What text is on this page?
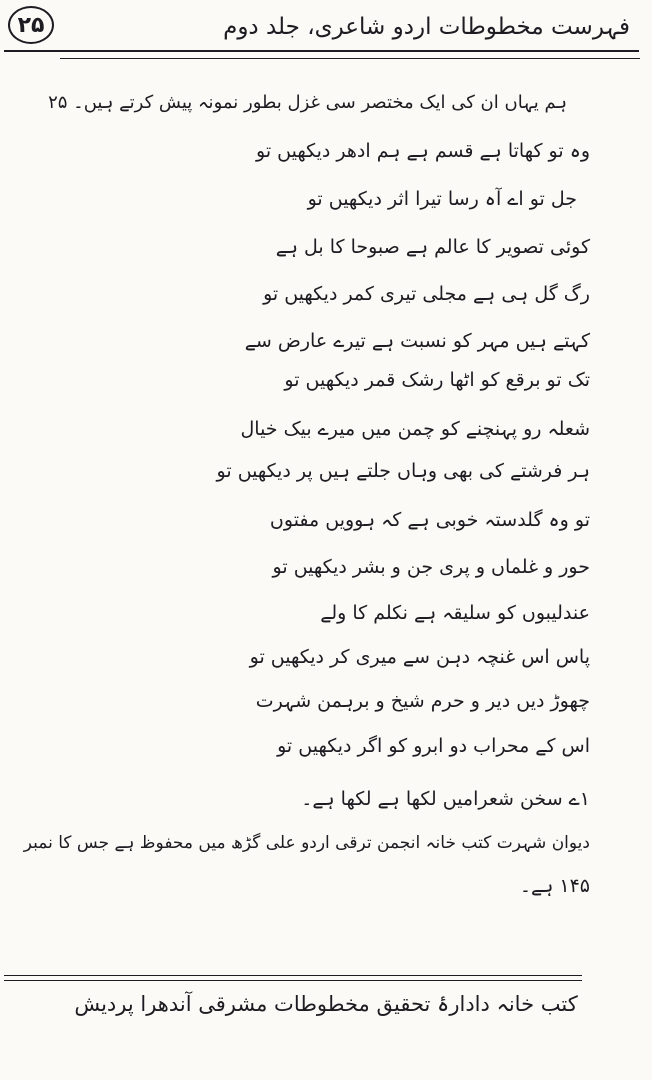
۲۵	فہرست مخطوطات اردو شاعری، جلد دوم
ہم یہاں ان کی ایک مختصر سی غزل بطور نمونہ پیش کرتے ہیں۔ ۲۵
وہ تو کھاتا ہے قسم ہے ہم ادھر دیکھیں تو
جل تو اے آہ رسا تیرا اثر دیکھیں تو
کوئی تصویر کا عالم ہے صبوحا کا بل ہے
رگ گل ہی ہے مجلی تیری کمر دیکھیں تو
کہتے ہیں مہر کو نسبت ہے تیرے عارض سے
تک تو برقع کو اٹھا رشک قمر دیکھیں تو
شعلہ رو پہنچنے کو چمن میں میرے بیک خیال
ہر فرشتے کی بھی وہاں جلتے ہیں پر دیکھیں تو
تو وہ گلدستہ خوبی ہے کہ ہوویں مفتوں
حور و غلماں و پری جن و بشر دیکھیں تو
عندلیبوں کو سلیقہ ہے نکلم کا ولے
پاس اس غنچہ دہن سے میری کر دیکھیں تو
چھوڑ دیں دیر و حرم شیخ و برہمن شہرت
اس کے محراب دو ابرو کو اگر دیکھیں تو
۱ے سخن شعرامیں لکھا ہے لکھا ہے۔
دیوان شہرت کتب خانہ انجمن ترقی اردو علی گڑھ میں محفوظ ہے جس کا نمبر
۱۴۵ ہے۔
کتب خانہ دادارۂ تحقیق مخطوطات مشرقی آندھرا پردیش
